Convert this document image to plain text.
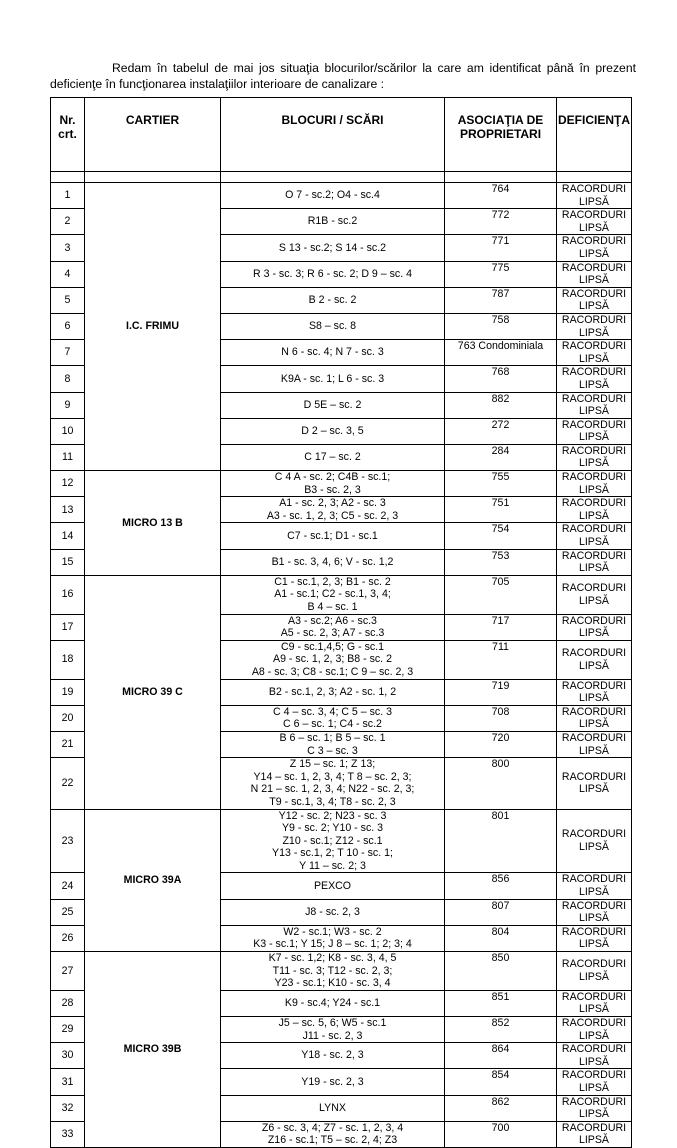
Redam în tabelul de mai jos situaţia blocurilor/scărilor la care am identificat până în prezent
deficienţe în funcţionarea instalaţiilor interioare de canalizare :
Nr. crt.	CARTIER	BLOCURI / SCĂRI	ASOCIAŢIA DE PROPRIETARI	DEFICIENŢA

1	I.C. FRIMU	O 7 - sc.2; O4 - sc.4	764	RACORDURI LIPSĂ
2		R1B - sc.2	772	RACORDURI LIPSĂ
3		S 13 - sc.2; S 14 - sc.2	771	RACORDURI LIPSĂ
4		R 3 - sc. 3; R 6 - sc. 2; D 9 – sc. 4	775	RACORDURI LIPSĂ
5		B 2 - sc. 2	787	RACORDURI LIPSĂ
6		S8 – sc. 8	758	RACORDURI LIPSĂ
7		N 6 - sc. 4; N 7 - sc. 3	763 Condominiala	RACORDURI LIPSĂ
8		K9A - sc. 1; L 6 - sc. 3	768	RACORDURI LIPSĂ
9		D 5E – sc. 2	882	RACORDURI LIPSĂ
10		D 2 – sc. 3, 5	272	RACORDURI LIPSĂ
11		C 17 – sc. 2	284	RACORDURI LIPSĂ
12	MICRO 13 B	C 4 A - sc. 2; C4B - sc.1;
B3 - sc. 2, 3	755	RACORDURI LIPSĂ
13		A1 - sc. 2, 3; A2 - sc. 3
A3 - sc. 1, 2, 3; C5 - sc. 2, 3	751	RACORDURI LIPSĂ
14		C7 - sc.1; D1 - sc.1	754	RACORDURI LIPSĂ
15		B1 - sc. 3, 4, 6; V - sc. 1,2	753	RACORDURI LIPSĂ
16	MICRO 39 C	C1 - sc.1, 2, 3; B1 - sc. 2
A1 - sc.1; C2 - sc.1, 3, 4;
B 4 – sc. 1	705	RACORDURI LIPSĂ
17		A3 - sc.2; A6 - sc.3
A5 - sc. 2, 3; A7 - sc.3	717	RACORDURI LIPSĂ
18		C9 - sc.1,4,5; G - sc.1
A9 - sc. 1, 2, 3; B8 - sc. 2
A8 - sc. 3; C8 - sc.1; C 9 – sc. 2, 3	711	RACORDURI LIPSĂ
19		B2 - sc.1, 2, 3; A2 - sc. 1, 2	719	RACORDURI LIPSĂ
20		C 4 – sc. 3, 4; C 5 – sc. 3
C 6 – sc. 1; C4 - sc.2	708	RACORDURI LIPSĂ
21		B 6 – sc. 1; B 5 – sc. 1
C 3 – sc. 3	720	RACORDURI LIPSĂ
22		Z 15 – sc. 1; Z 13;
Y14 – sc. 1, 2, 3, 4; T 8 – sc. 2, 3;
N 21 – sc. 1, 2, 3, 4; N22 - sc. 2, 3;
T9 - sc.1, 3, 4; T8 - sc. 2, 3	800	RACORDURI LIPSĂ
23	MICRO 39A	Y12 - sc. 2; N23 - sc. 3
Y9 - sc. 2; Y10 - sc. 3
Z10 - sc.1; Z12 - sc.1
Y13 - sc.1, 2; T 10 - sc. 1;
Y 11 – sc. 2; 3	801	RACORDURI LIPSĂ
24		PEXCO	856	RACORDURI LIPSĂ
25		J8 - sc. 2, 3	807	RACORDURI LIPSĂ
26		W2 - sc.1; W3 - sc. 2
K3 - sc.1; Y 15; J 8 – sc. 1; 2; 3; 4	804	RACORDURI LIPSĂ
27	MICRO 39B	K7 - sc. 1,2; K8 - sc. 3, 4, 5
T11 - sc. 3; T12 - sc. 2, 3;
Y23 - sc.1; K10 - sc. 3, 4	850	RACORDURI LIPSĂ
28		K9 - sc.4; Y24 - sc.1	851	RACORDURI LIPSĂ
29		J5 – sc. 5, 6; W5 - sc.1
J11 - sc. 2, 3	852	RACORDURI LIPSĂ
30		Y18 - sc. 2, 3	864	RACORDURI LIPSĂ
31		Y19 - sc. 2, 3	854	RACORDURI LIPSĂ
32		LYNX	862	RACORDURI LIPSĂ
33		Z6 - sc. 3, 4; Z7 - sc. 1, 2, 3, 4
Z16 - sc.1; T5 – sc. 2, 4; Z3	700	RACORDURI LIPSĂ
